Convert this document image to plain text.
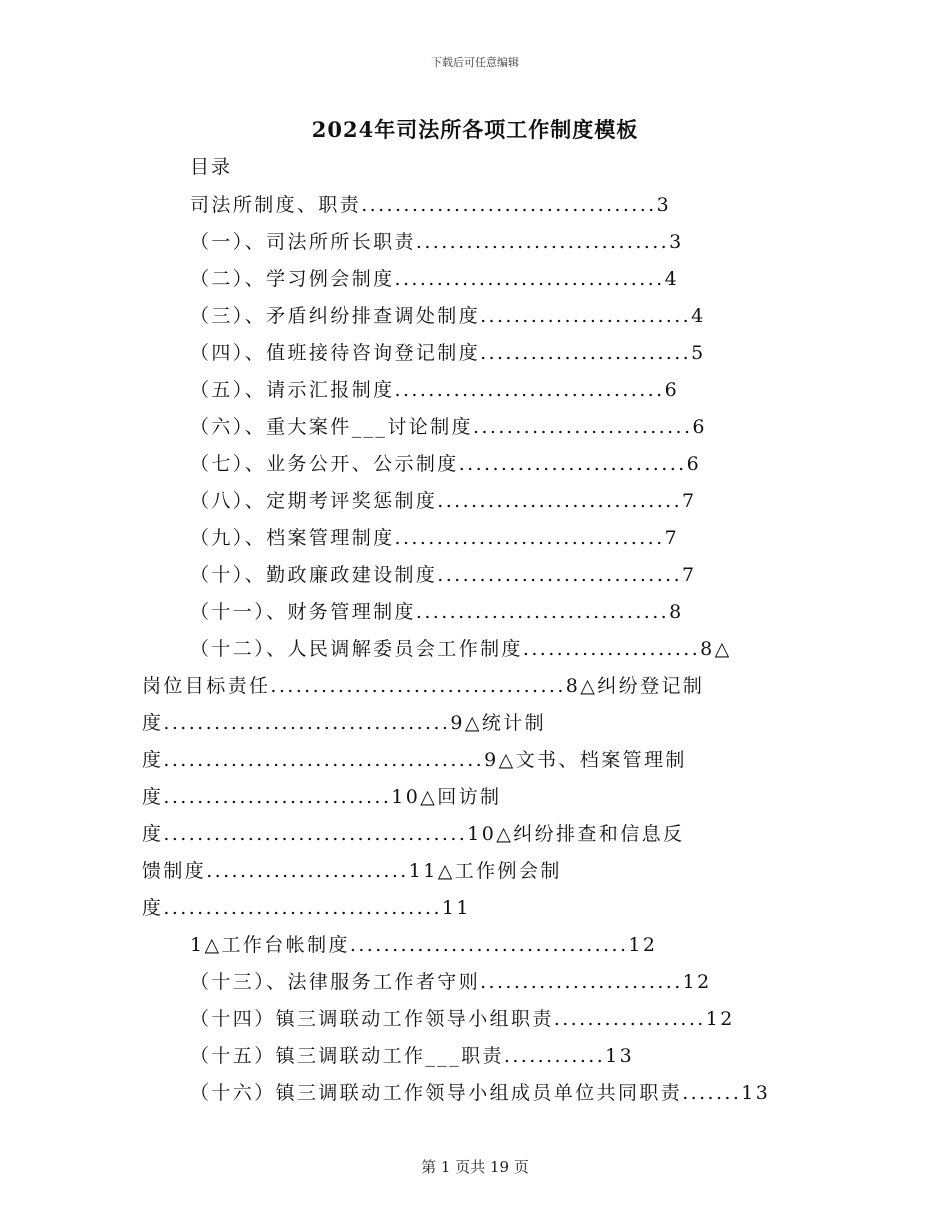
下载后可任意编辑
2024年司法所各项工作制度模板
目录
司法所制度、职责...................................3
（一）、司法所所长职责..............................3
（二）、学习例会制度................................4
（三）、矛盾纠纷排查调处制度.........................4
（四）、值班接待咨询登记制度.........................5
（五）、请示汇报制度................................6
（六）、重大案件___讨论制度..........................6
（七）、业务公开、公示制度...........................6
（八）、定期考评奖惩制度.............................7
（九）、档案管理制度................................7
（十）、勤政廉政建设制度.............................7
（十一）、财务管理制度..............................8
（十二）、人民调解委员会工作制度.....................8△
岗位目标责任...................................8△纠纷登记制
度..................................9△统计制
度......................................9△文书、档案管理制
度...........................10△回访制
度....................................10△纠纷排查和信息反
馈制度........................11△工作例会制
度.................................11
1△工作台帐制度.................................12
（十三）、法律服务工作者守则........................12
（十四）镇三调联动工作领导小组职责..................12
（十五）镇三调联动工作___职责............13
（十六）镇三调联动工作领导小组成员单位共同职责.......13
第 1 页共 19 页
